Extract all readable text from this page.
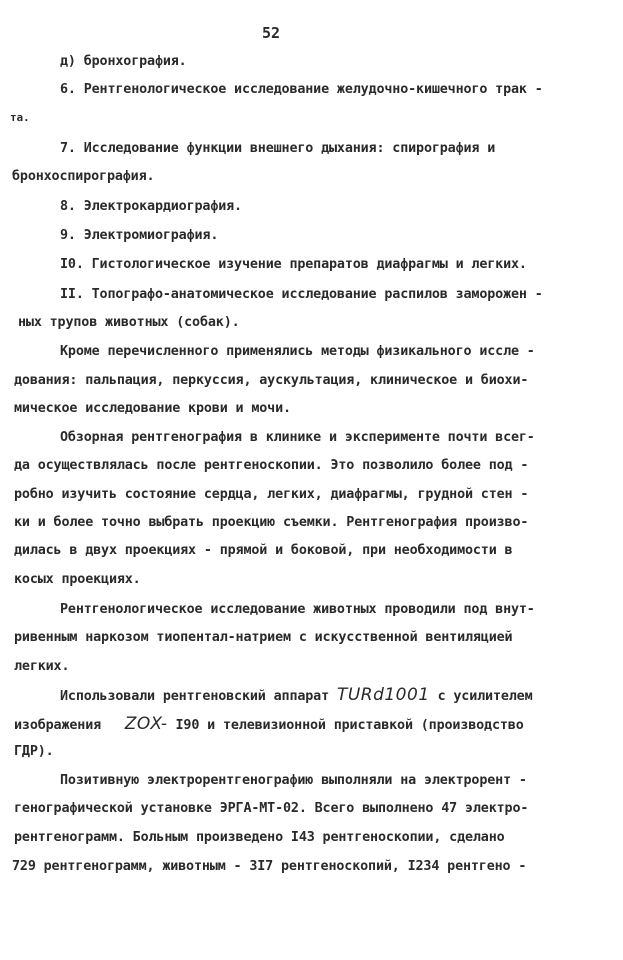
52
д) бронхография.
6. Рентгенологическое исследование желудочно-кишечного трак -
та.
7. Исследование функции внешнего дыхания: спирография и
бронхоспирография.
8. Электрокардиография.
9. Электромиография.
I0. Гистологическое изучение препаратов диафрагмы и легких.
II. Топографо-анатомическое исследование распилов заморожен -
ных трупов животных (собак).
Кроме перечисленного применялись методы физикального иссле -
дования: пальпация, перкуссия, аускультация, клиническое и биохи-
мическое исследование крови и мочи.
Обзорная рентгенография в клинике и эксперименте почти всег-
да осуществлялась после рентгеноскопии. Это позволило более под -
робно изучить состояние сердца, легких, диафрагмы, грудной стен -
ки и более точно выбрать проекцию съемки. Рентгенография произво-
дилась в двух проекциях - прямой и боковой, при необходимости в
косых проекциях.
Рентгенологическое исследование животных проводили под внут-
ривенным наркозом тиопентал-натрием с искусственной вентиляцией
легких.
Использовали рентгеновский аппарат TURd1001 с усилителем
изображения ZOX- I90 и телевизионной приставкой (производство
ГДР).
Позитивную электрорентгенографию выполняли на электрорент -
генографической установке ЭРГА-МТ-02. Всего выполнено 47 электро-
рентгенограмм. Больным произведено I43 рентгеноскопии, сделано
729 рентгенограмм, животным - 3I7 рентгеноскопий, I234 рентгено -
